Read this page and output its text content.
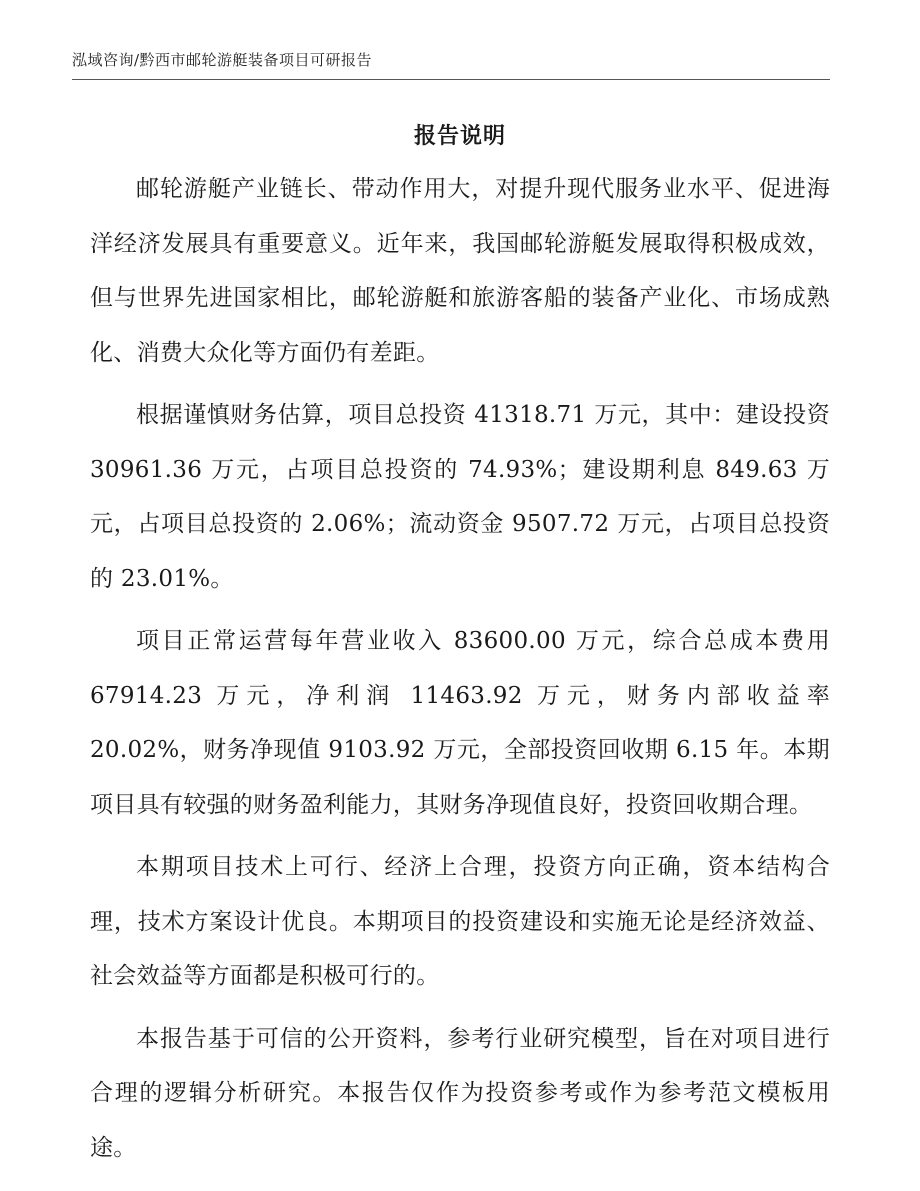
泓域咨询/黔西市邮轮游艇装备项目可研报告
报告说明

邮轮游艇产业链长、带动作用大，对提升现代服务业水平、促进海洋经济发展具有重要意义。近年来，我国邮轮游艇发展取得积极成效，但与世界先进国家相比，邮轮游艇和旅游客船的装备产业化、市场成熟化、消费大众化等方面仍有差距。

根据谨慎财务估算，项目总投资 41318.71 万元，其中：建设投资 30961.36 万元，占项目总投资的 74.93%；建设期利息 849.63 万元，占项目总投资的 2.06%；流动资金 9507.72 万元，占项目总投资的 23.01%。

项目正常运营每年营业收入 83600.00 万元，综合总成本费用 67914.23 万元，净利润 11463.92 万元，财务内部收益率 20.02%，财务净现值 9103.92 万元，全部投资回收期 6.15 年。本期项目具有较强的财务盈利能力，其财务净现值良好，投资回收期合理。

本期项目技术上可行、经济上合理，投资方向正确，资本结构合理，技术方案设计优良。本期项目的投资建设和实施无论是经济效益、社会效益等方面都是积极可行的。

本报告基于可信的公开资料，参考行业研究模型，旨在对项目进行合理的逻辑分析研究。本报告仅作为投资参考或作为参考范文模板用途。
